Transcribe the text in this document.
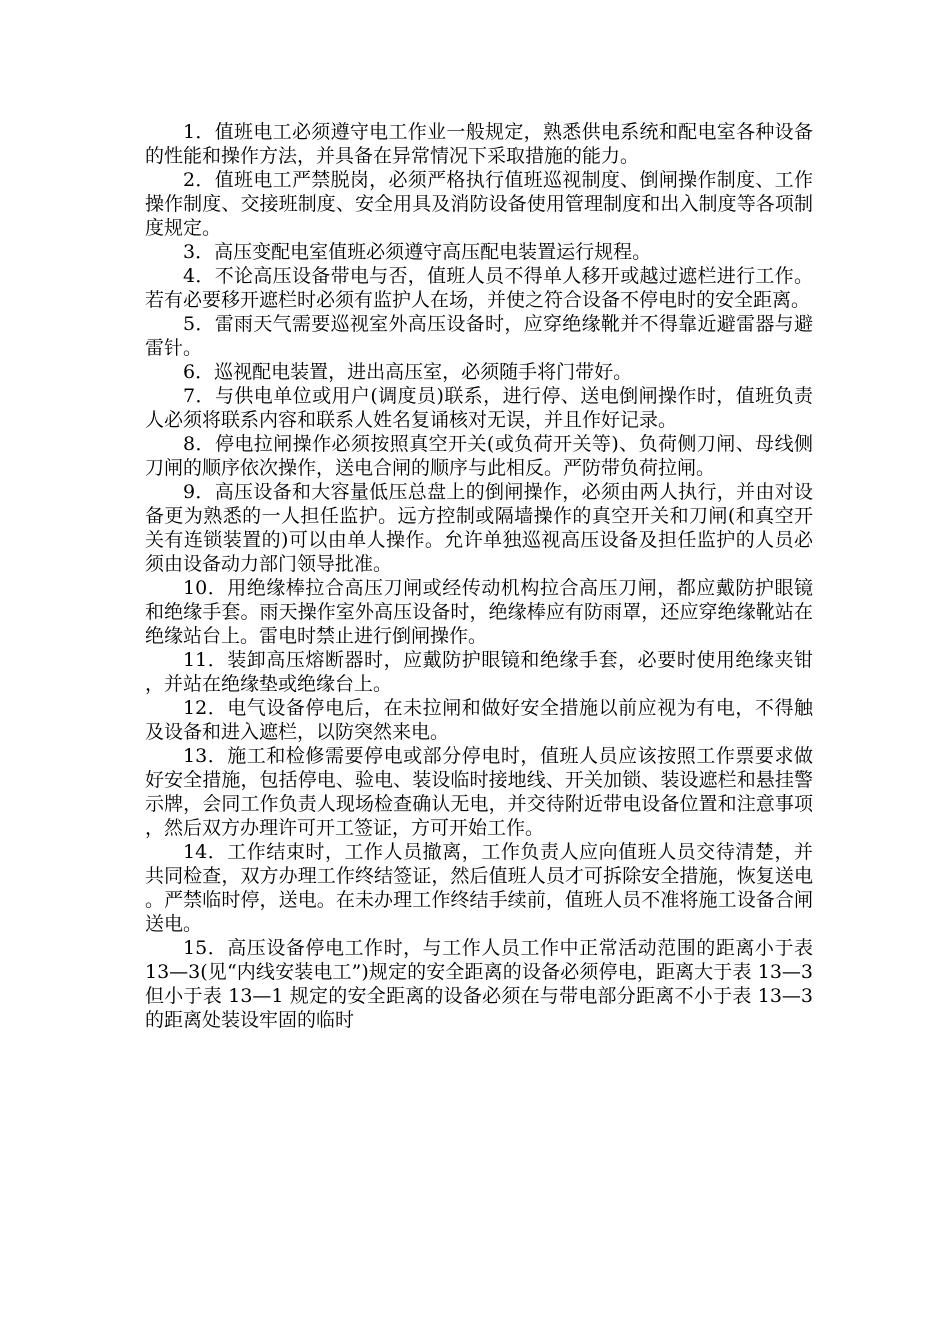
1．值班电工必须遵守电工作业一般规定，熟悉供电系统和配电室各种设备的性能和操作方法，并具备在异常情况下采取措施的能力。

2．值班电工严禁脱岗，必须严格执行值班巡视制度、倒闸操作制度、工作操作制度、交接班制度、安全用具及消防设备使用管理制度和出入制度等各项制度规定。

3．高压变配电室值班必须遵守高压配电装置运行规程。

4．不论高压设备带电与否，值班人员不得单人移开或越过遮栏进行工作。若有必要移开遮栏时必须有监护人在场，并使之符合设备不停电时的安全距离。

5．雷雨天气需要巡视室外高压设备时，应穿绝缘靴并不得靠近避雷器与避雷针。

6．巡视配电装置，进出高压室，必须随手将门带好。

7．与供电单位或用户(调度员)联系，进行停、送电倒闸操作时，值班负责人必须将联系内容和联系人姓名复诵核对无误，并且作好记录。

8．停电拉闸操作必须按照真空开关(或负荷开关等)、负荷侧刀闸、母线侧刀闸的顺序依次操作，送电合闸的顺序与此相反。严防带负荷拉闸。

9．高压设备和大容量低压总盘上的倒闸操作，必须由两人执行，并由对设备更为熟悉的一人担任监护。远方控制或隔墙操作的真空开关和刀闸(和真空开关有连锁装置的)可以由单人操作。允许单独巡视高压设备及担任监护的人员必须由设备动力部门领导批准。

10．用绝缘棒拉合高压刀闸或经传动机构拉合高压刀闸，都应戴防护眼镜和绝缘手套。雨天操作室外高压设备时，绝缘棒应有防雨罩，还应穿绝缘靴站在绝缘站台上。雷电时禁止进行倒闸操作。

11．装卸高压熔断器时，应戴防护眼镜和绝缘手套，必要时使用绝缘夹钳，并站在绝缘垫或绝缘台上。

12．电气设备停电后，在未拉闸和做好安全措施以前应视为有电，不得触及设备和进入遮栏，以防突然来电。

13．施工和检修需要停电或部分停电时，值班人员应该按照工作票要求做好安全措施，包括停电、验电、装设临时接地线、开关加锁、装设遮栏和悬挂警示牌，会同工作负责人现场检查确认无电，并交待附近带电设备位置和注意事项，然后双方办理许可开工签证，方可开始工作。

14．工作结束时，工作人员撤离，工作负责人应向值班人员交待清楚，并共同检查，双方办理工作终结签证，然后值班人员才可拆除安全措施，恢复送电。严禁临时停，送电。在未办理工作终结手续前，值班人员不准将施工设备合闸送电。

15．高压设备停电工作时，与工作人员工作中正常活动范围的距离小于表 13—3(见“内线安装电工”)规定的安全距离的设备必须停电，距离大于表 13—3 但小于表 13—1 规定的安全距离的设备必须在与带电部分距离不小于表 13—3 的距离处装设牢固的临时
